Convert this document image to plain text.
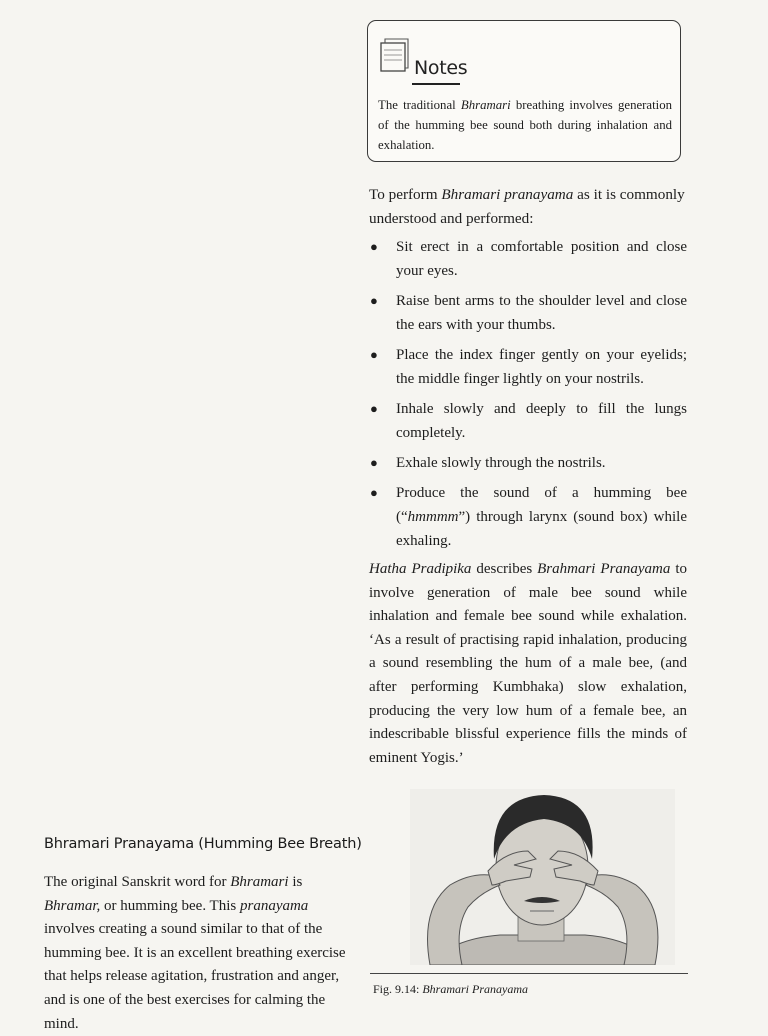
Notes
The traditional Bhramari breathing involves generation of the humming bee sound both during inhalation and exhalation.
To perform Bhramari pranayama as it is commonly understood and performed:
● Sit erect in a comfortable position and close your eyes.
● Raise bent arms to the shoulder level and close the ears with your thumbs.
● Place the index finger gently on your eyelids; the middle finger lightly on your nostrils.
● Inhale slowly and deeply to fill the lungs completely.
● Exhale slowly through the nostrils.
● Produce the sound of a humming bee (“hmmmm”) through larynx (sound box) while exhaling.
Hatha Pradipika describes Brahmari Pranayama to involve generation of male bee sound while inhalation and female bee sound while exhalation. ‘As a result of practising rapid inhalation, producing a sound resembling the hum of a male bee, (and after performing Kumbhaka) slow exhalation, producing the very low hum of a female bee, an indescribable blissful experience fills the minds of eminent Yogis.’
Bhramari Pranayama (Humming Bee Breath)
The original Sanskrit word for Bhramari is Bhramar, or humming bee. This pranayama involves creating a sound similar to that of the humming bee. It is an excellent breathing exercise that helps release agitation, frustration and anger, and is one of the best exercises for calming the mind.
Fig. 9.14: Bhramari Pranayama
